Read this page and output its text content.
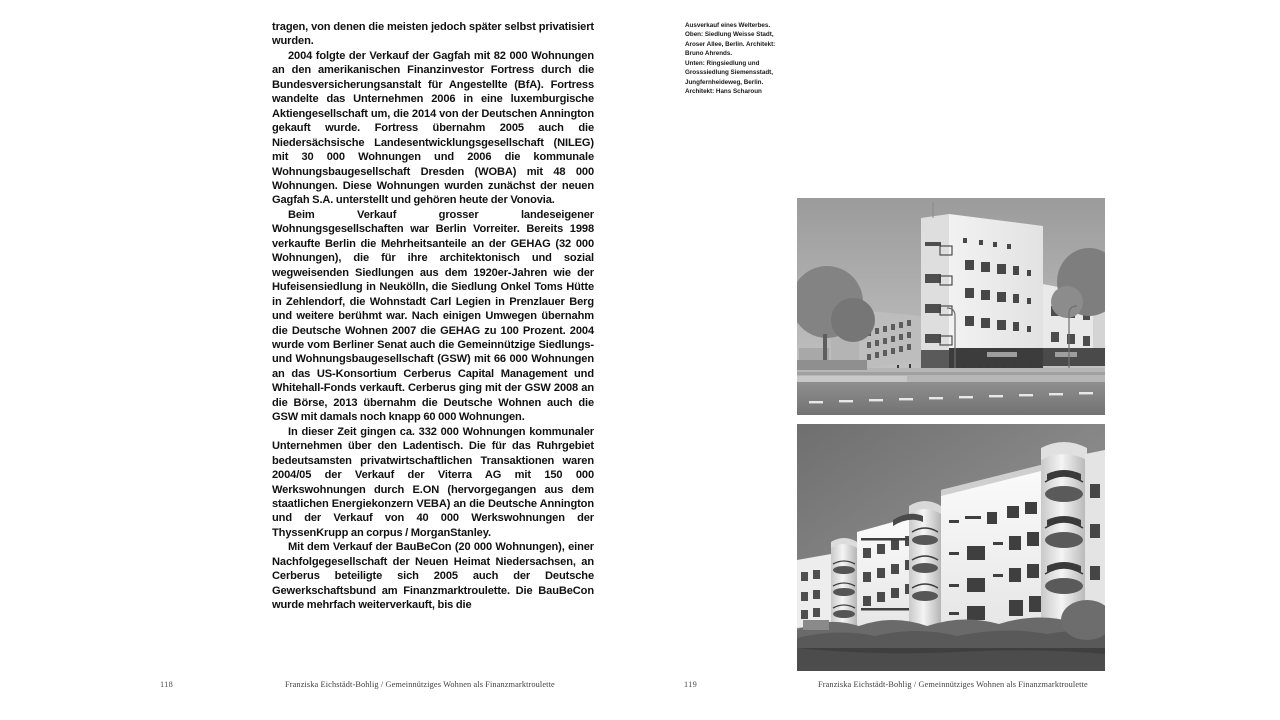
tragen, von denen die meisten jedoch später selbst privatisiert wurden.

2004 folgte der Verkauf der Gagfah mit 82 000 Wohnungen an den amerikanischen Finanzinvestor Fortress durch die Bundesversicherungsanstalt für Angestellte (BfA). Fortress wandelte das Unternehmen 2006 in eine luxemburgische Aktiengesellschaft um, die 2014 von der Deutschen Annington gekauft wurde. Fortress übernahm 2005 auch die Niedersächsische Landesentwicklungsgesellschaft (NILEG) mit 30 000 Wohnungen und 2006 die kommunale Wohnungsbaugesellschaft Dresden (WOBA) mit 48 000 Wohnungen. Diese Wohnungen wurden zunächst der neuen Gagfah S.A. unterstellt und gehören heute der Vonovia.

Beim Verkauf grosser landeseigener Wohnungsgesellschaften war Berlin Vorreiter. Bereits 1998 verkaufte Berlin die Mehrheitsanteile an der GEHAG (32 000 Wohnungen), die für ihre architektonisch und sozial wegweisenden Siedlungen aus dem 1920er-Jahren wie der Hufeisensiedlung in Neukölln, die Siedlung Onkel Toms Hütte in Zehlendorf, die Wohnstadt Carl Legien in Prenzlauer Berg und weitere berühmt war. Nach einigen Umwegen übernahm die Deutsche Wohnen 2007 die GEHAG zu 100 Prozent. 2004 wurde vom Berliner Senat auch die Gemeinnützige Siedlungs- und Wohnungsbaugesellschaft (GSW) mit 66 000 Wohnungen an das US-Konsortium Cerberus Capital Management und Whitehall-Fonds verkauft. Cerberus ging mit der GSW 2008 an die Börse, 2013 übernahm die Deutsche Wohnen auch die GSW mit damals noch knapp 60 000 Wohnungen.

In dieser Zeit gingen ca. 332 000 Wohnungen kommunaler Unternehmen über den Ladentisch. Die für das Ruhrgebiet bedeutsamsten privatwirtschaftlichen Transaktionen waren 2004/05 der Verkauf der Viterra AG mit 150 000 Werkswohnungen durch E.ON (hervorgegangen aus dem staatlichen Energiekonzern VEBA) an die Deutsche Annington und der Verkauf von 40 000 Werkswohnungen der ThyssenKrupp an corpus / MorganStanley.

Mit dem Verkauf der BauBeCon (20 000 Wohnungen), einer Nachfolgegesellschaft der Neuen Heimat Niedersachsen, an Cerberus beteiligte sich 2005 auch der Deutsche Gewerkschaftsbund am Finanzmarktroulette. Die BauBeCon wurde mehrfach weiterverkauft, bis die

118	Franziska Eichstädt-Bohlig / Gemeinnütziges Wohnen als Finanzmarktroulette
Ausverkauf eines Welterbes.
Oben: Siedlung Weisse Stadt,
Aroser Allee, Berlin. Architekt:
Bruno Ahrends.
Unten: Ringsiedlung und
Grosssiedlung Siemensstadt,
Jungfernheideweg, Berlin.
Architekt: Hans Scharoun
119	Franziska Eichstädt-Bohlig / Gemeinnütziges Wohnen als Finanzmarktroulette
